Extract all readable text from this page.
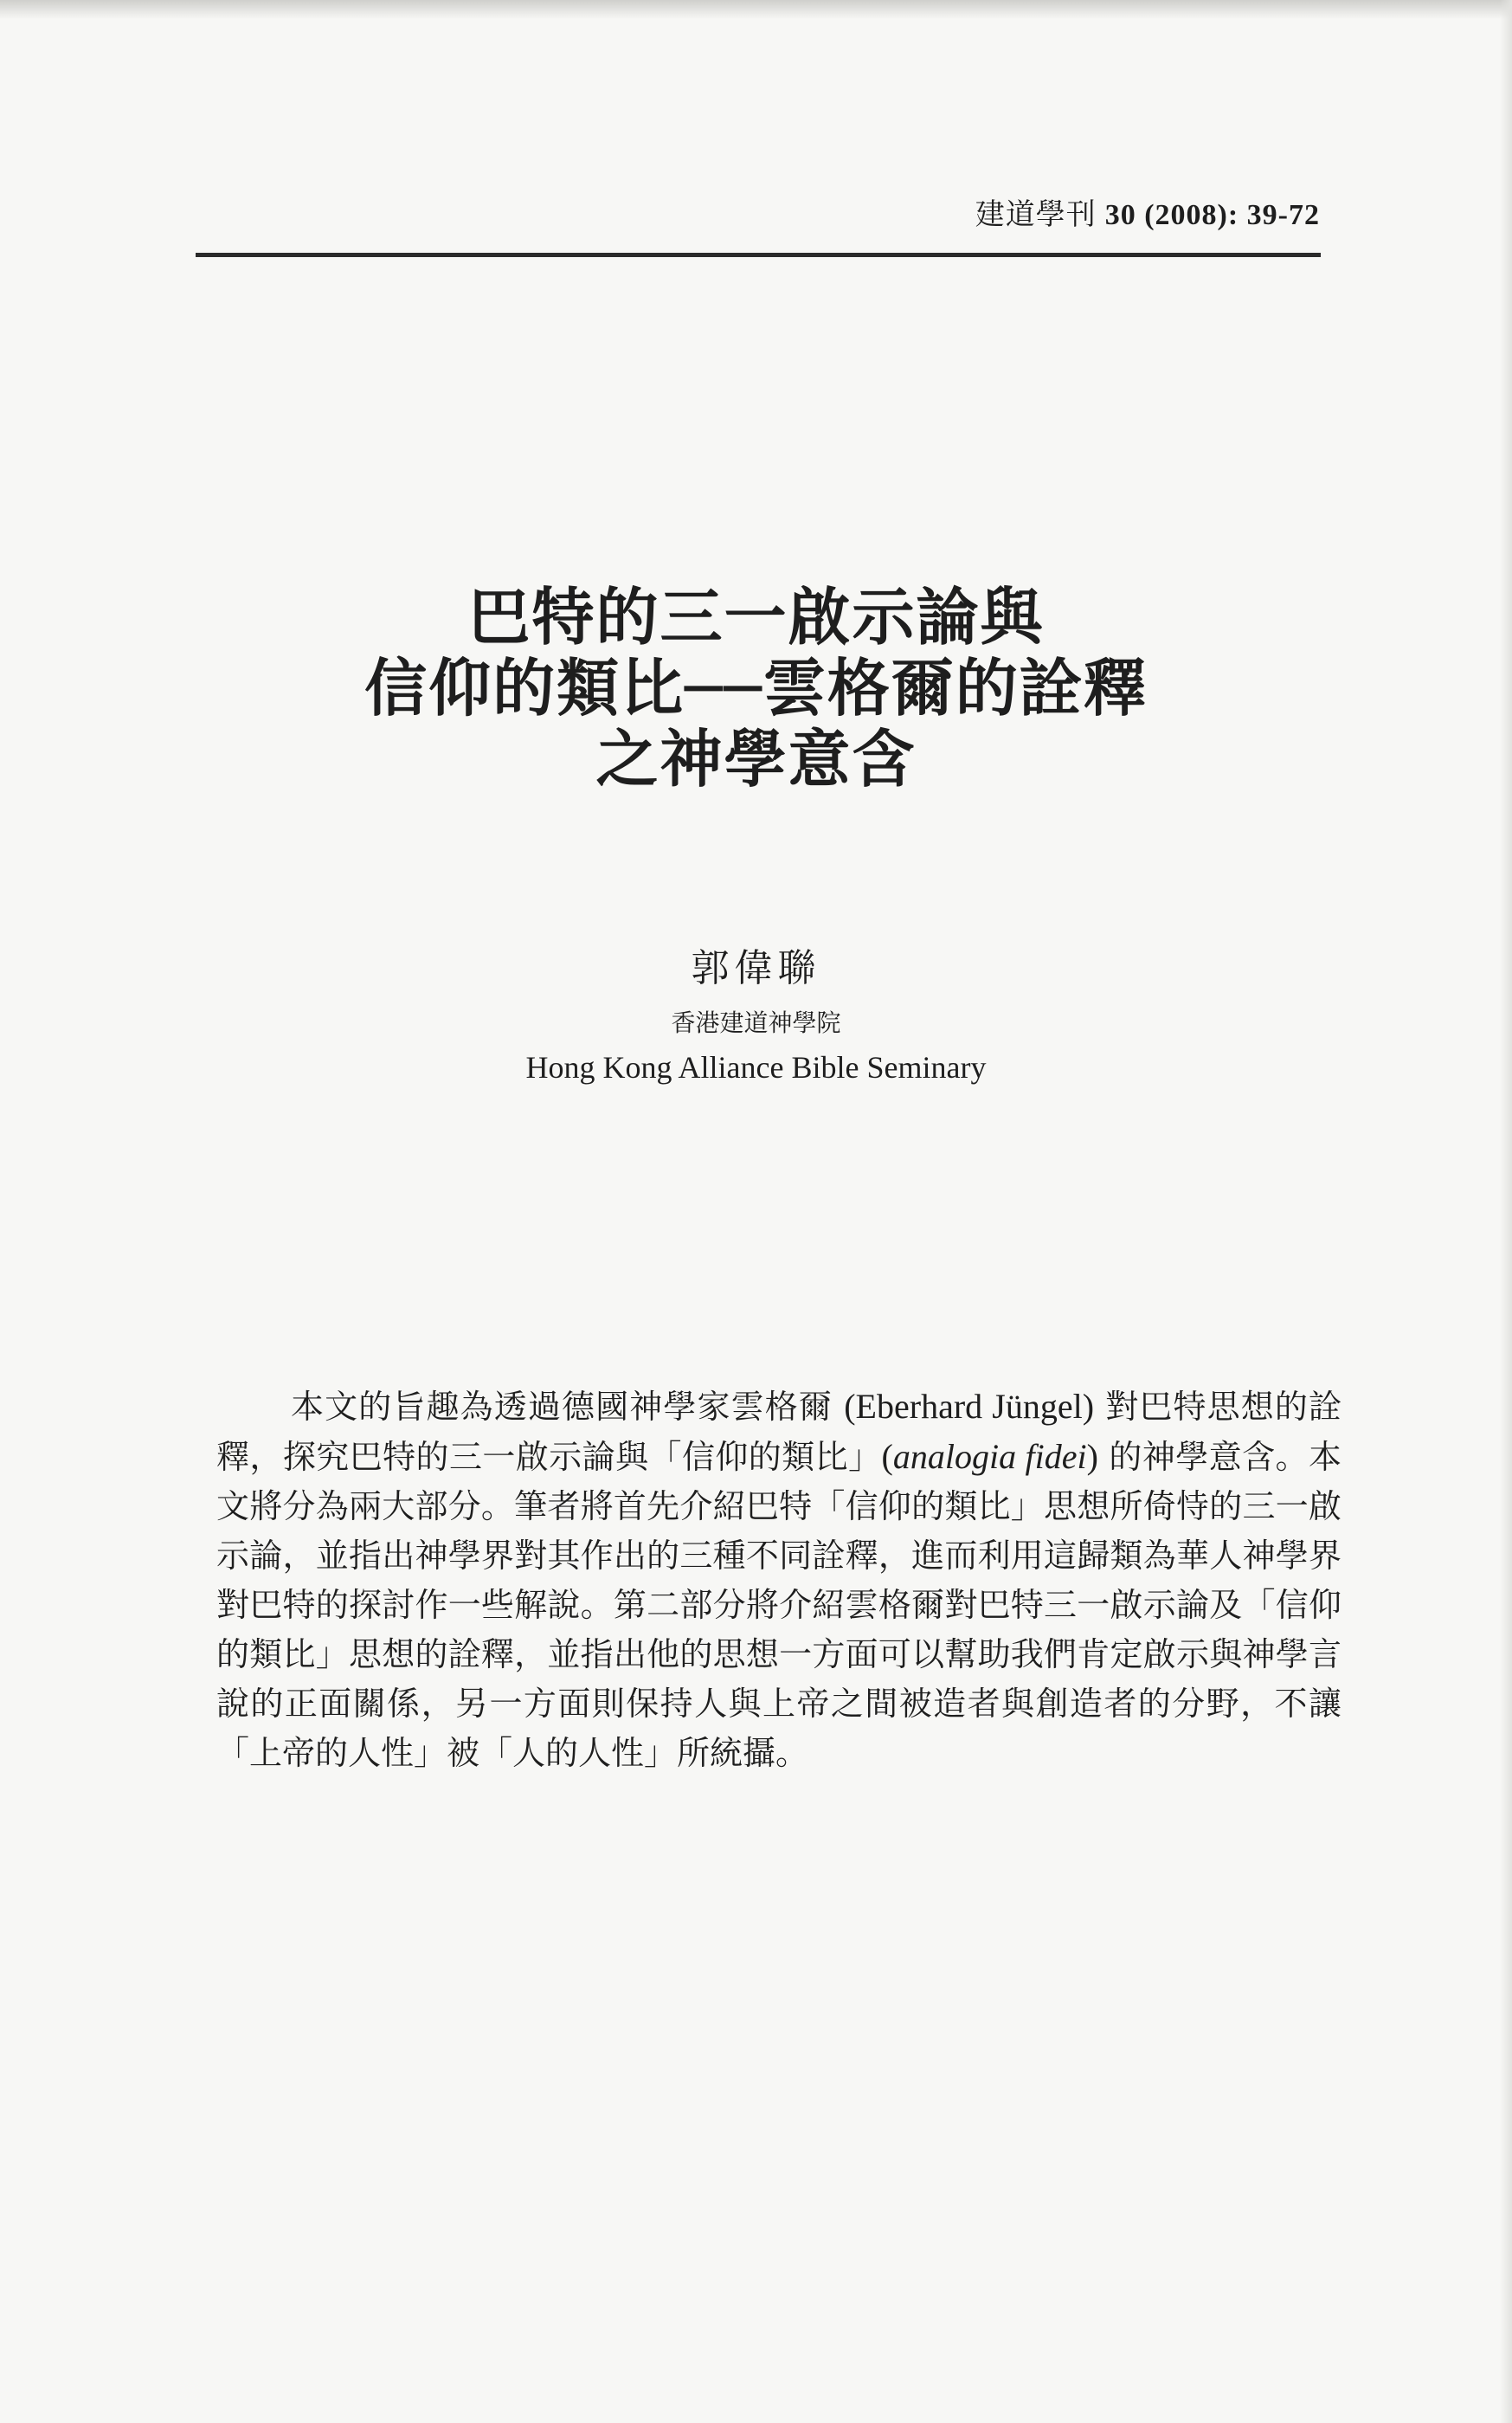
建道學刊 30 (2008): 39-72
巴特的三一啟示論與
信仰的類比──雲格爾的詮釋
之神學意含
郭偉聯
香港建道神學院
Hong Kong Alliance Bible Seminary
本文的旨趣為透過德國神學家雲格爾 (Eberhard Jüngel) 對巴特思想的詮釋，探究巴特的三一啟示論與「信仰的類比」(analogia fidei) 的神學意含。本文將分為兩大部分。筆者將首先介紹巴特「信仰的類比」思想所倚恃的三一啟示論，並指出神學界對其作出的三種不同詮釋，進而利用這歸類為華人神學界對巴特的探討作一些解說。第二部分將介紹雲格爾對巴特三一啟示論及「信仰的類比」思想的詮釋，並指出他的思想一方面可以幫助我們肯定啟示與神學言說的正面關係，另一方面則保持人與上帝之間被造者與創造者的分野，不讓「上帝的人性」被「人的人性」所統攝。
